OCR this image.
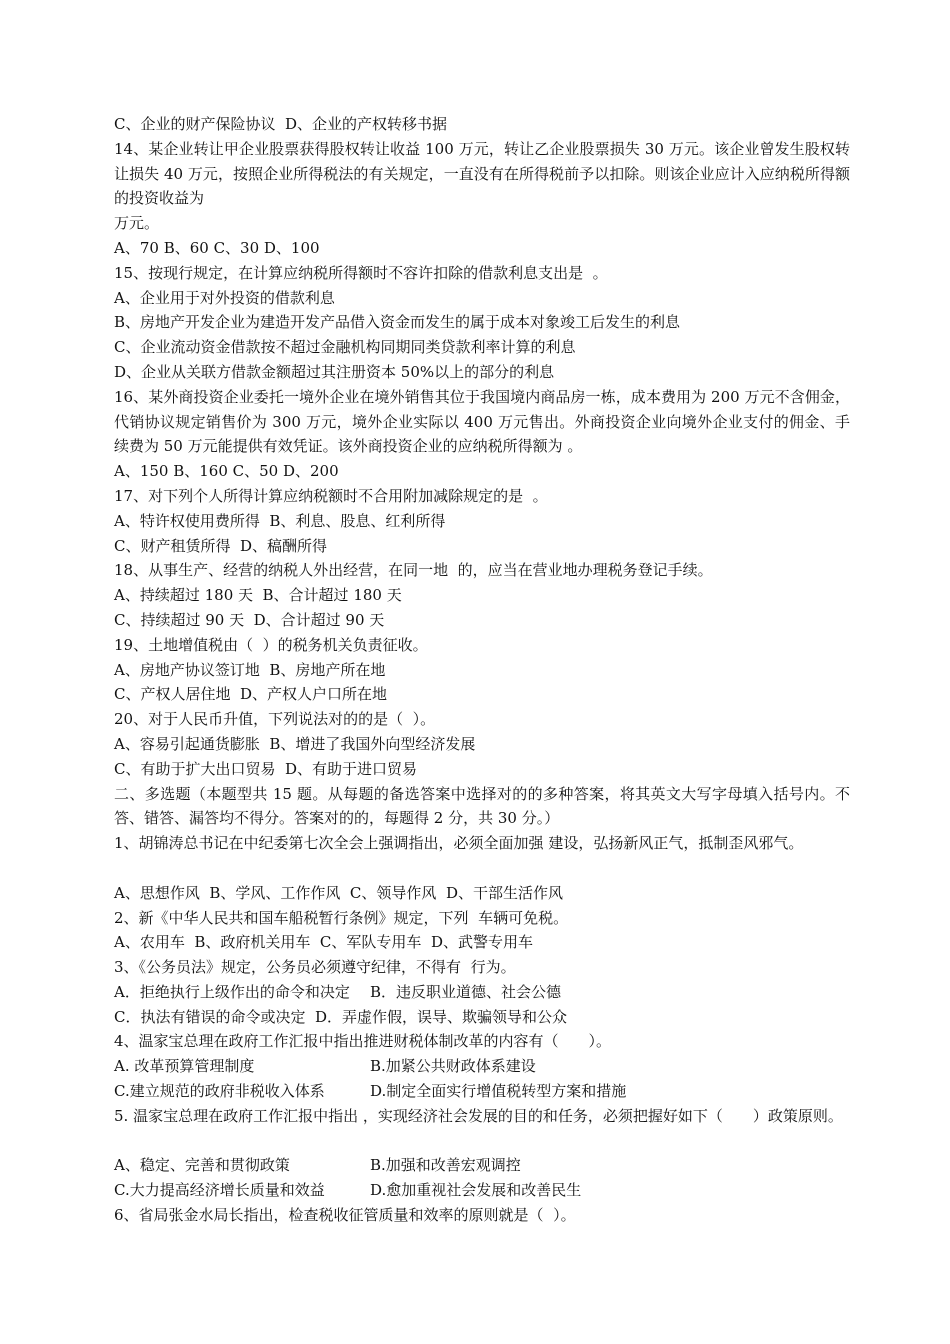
C、企业的财产保险协议  D、企业的产权转移书据
14、某企业转让甲企业股票获得股权转让收益 100 万元，转让乙企业股票损失 30 万元。该企业曾发生股权转让损失 40 万元，按照企业所得税法的有关规定，一直没有在所得税前予以扣除。则该企业应计入应纳税所得额的投资收益为
万元。
A、70 B、60 C、30 D、100
15、按现行规定，在计算应纳税所得额时不容许扣除的借款利息支出是  。
A、企业用于对外投资的借款利息
B、房地产开发企业为建造开发产品借入资金而发生的属于成本对象竣工后发生的利息
C、企业流动资金借款按不超过金融机构同期同类贷款利率计算的利息
D、企业从关联方借款金额超过其注册资本 50%以上的部分的利息
16、某外商投资企业委托一境外企业在境外销售其位于我国境内商品房一栋，成本费用为 200 万元不含佣金，代销协议规定销售价为 300 万元，境外企业实际以 400 万元售出。外商投资企业向境外企业支付的佣金、手续费为 50 万元能提供有效凭证。该外商投资企业的应纳税所得额为 。
A、150 B、160 C、50 D、200
17、对下列个人所得计算应纳税额时不合用附加减除规定的是  。
A、特许权使用费所得  B、利息、股息、红利所得
C、财产租赁所得  D、稿酬所得
18、从事生产、经营的纳税人外出经营，在同一地  的，应当在营业地办理税务登记手续。
A、持续超过 180 天  B、合计超过 180 天
C、持续超过 90 天  D、合计超过 90 天
19、土地增值税由（  ）的税务机关负责征收。
A、房地产协议签订地  B、房地产所在地
C、产权人居住地  D、产权人户口所在地
20、对于人民币升值，下列说法对的的是（  ）。
A、容易引起通货膨胀  B、增进了我国外向型经济发展
C、有助于扩大出口贸易  D、有助于进口贸易
二、多选题（本题型共 15 题。从每题的备选答案中选择对的的多种答案，将其英文大写字母填入括号内。不答、错答、漏答均不得分。答案对的的，每题得 2 分，共 30 分。）
1、胡锦涛总书记在中纪委第七次全会上强调指出，必须全面加强 建设，弘扬新风正气，抵制歪风邪气。
A、思想作风  B、学风、工作作风  C、领导作风  D、干部生活作风
2、新《中华人民共和国车船税暂行条例》规定，下列  车辆可免税。
A、农用车  B、政府机关用车  C、军队专用车  D、武警专用车
3、《公务员法》规定，公务员必须遵守纪律，不得有  行为。
A．拒绝执行上级作出的命令和决定	B．违反职业道德、社会公德
C．执法有错误的命令或决定  D．弄虚作假，误导、欺骗领导和公众
4、温家宝总理在政府工作汇报中指出推进财税体制改革的内容有（　　）。
A. 改革预算管理制度	B.加紧公共财政体系建设
C.建立规范的政府非税收入体系	D.制定全面实行增值税转型方案和措施
5. 温家宝总理在政府工作汇报中指出 ，实现经济社会发展的目的和任务，必须把握好如下（　　）政策原则。
A、稳定、完善和贯彻政策	B.加强和改善宏观调控
C.大力提高经济增长质量和效益	D.愈加重视社会发展和改善民生
6、省局张金水局长指出，检查税收征管质量和效率的原则就是（  ）。
